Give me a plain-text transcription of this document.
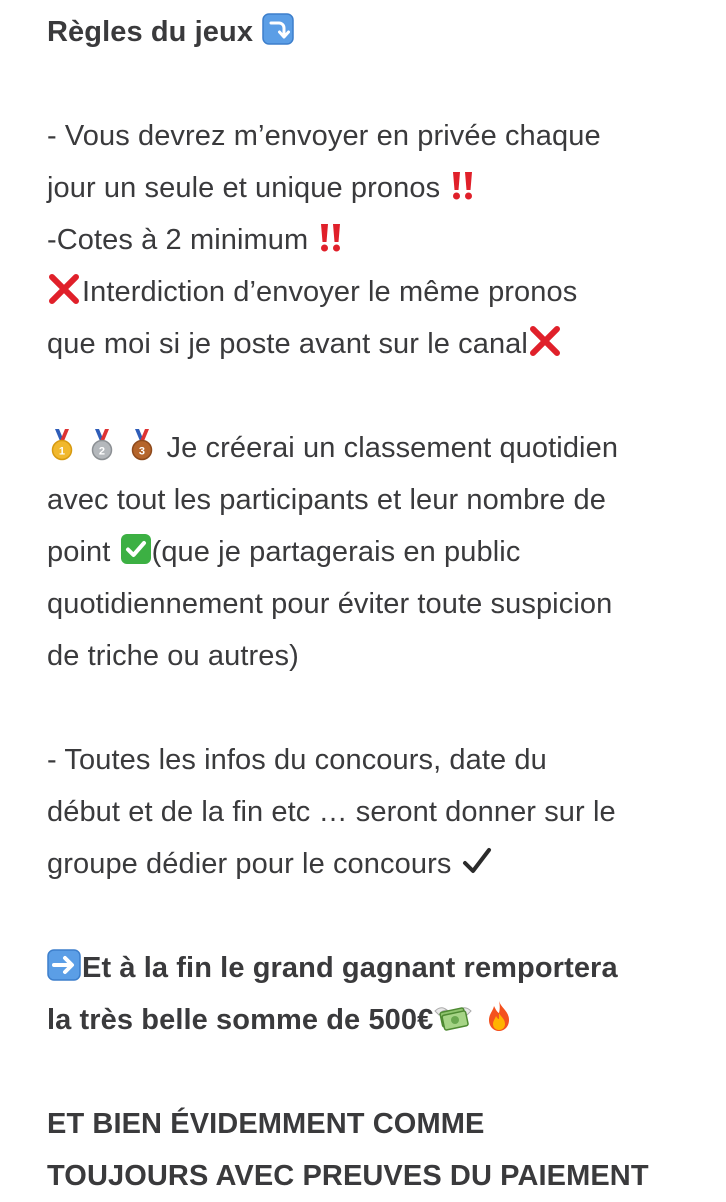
Règles du jeux
- Vous devrez m’envoyer en privée chaque
jour un seule et unique pronos
-Cotes à 2 minimum
Interdiction d’envoyer le même pronos
que moi si je poste avant sur le canal
1
	2
	3 Je créerai un classement quotidien
avec tout les participants et leur nombre de
point (que je partagerais en public
quotidiennement pour éviter toute suspicion
de triche ou autres)
- Toutes les infos du concours, date du
début et de la fin etc … seront donner sur le
groupe dédier pour le concours
Et à la fin le grand gagnant remportera
la très belle somme de 500€

ET BIEN ÉVIDEMMENT COMME
TOUJOURS AVEC PREUVES DU PAIEMENT
